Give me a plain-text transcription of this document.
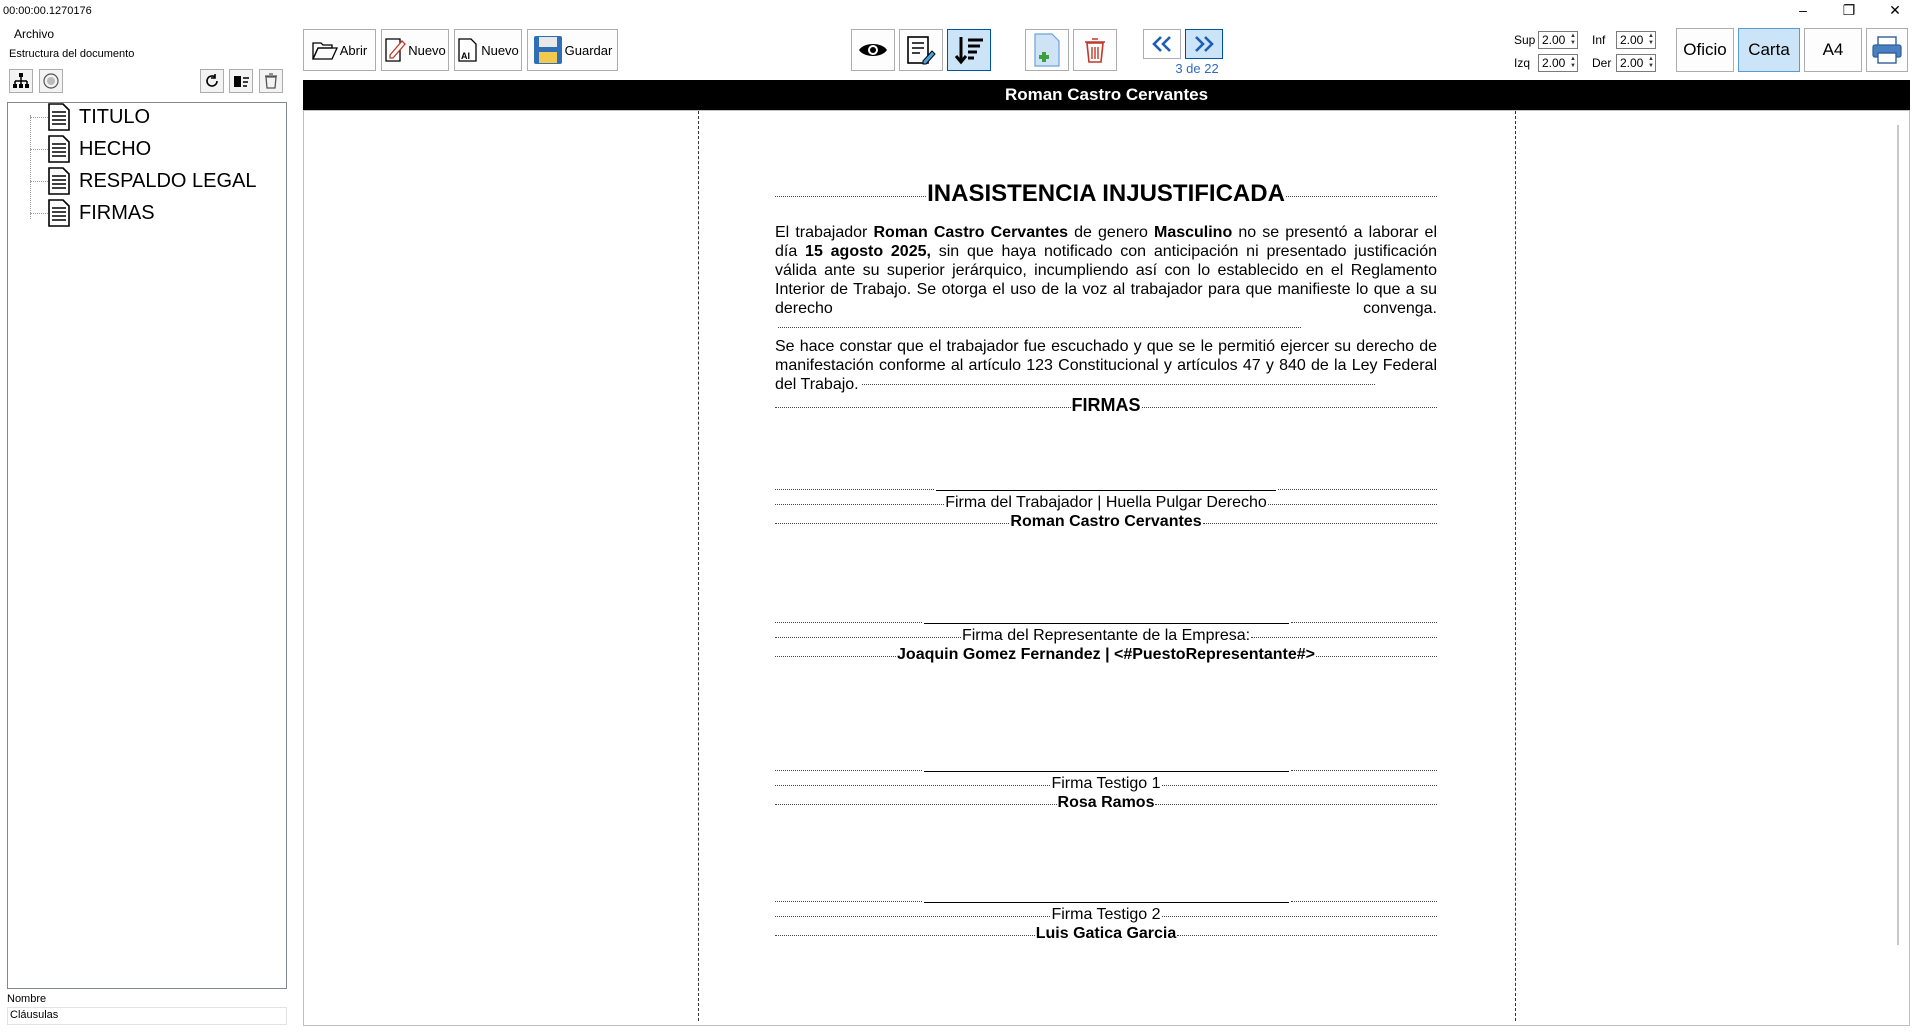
00:00:00.1270176	–	❐	✕
Archivo
Estructura del documento
TITULO
HECHO
RESPALDO LEGAL
FIRMAS
Nombre
Cláusulas
Abrir	Nuevo AI Nuevo	Guardar
3 de 22
Sup 2.00 ▲
▼ Inf	2.00 ▲
▼
Izq 2.00 ▲
▼ Der 2.00 ▲
▼
Oficio	Carta	A4
Roman Castro Cervantes
INASISTENCIA INJUSTIFICADA
El trabajador Roman Castro Cervantes de genero Masculino no se presentó a laborar el día 15 agosto 2025, sin que haya notificado con anticipación ni presentado justificación válida ante su superior jerárquico, incumpliendo así con lo establecido en el Reglamento Interior de Trabajo. Se otorga el uso de la voz al trabajador para que manifieste lo que a su derecho convenga.
Se hace constar que el trabajador fue escuchado y que se le permitió ejercer su derecho de manifestación conforme al artículo 123 Constitucional y artículos 47 y 840 de la Ley Federal del Trabajo.
FIRMAS
Firma del Trabajador | Huella Pulgar Derecho
Roman Castro Cervantes
Firma del Representante de la Empresa:
Joaquin Gomez Fernandez | <#PuestoRepresentante#>
Firma Testigo 1
Rosa Ramos
Firma Testigo 2
Luis Gatica Garcia
